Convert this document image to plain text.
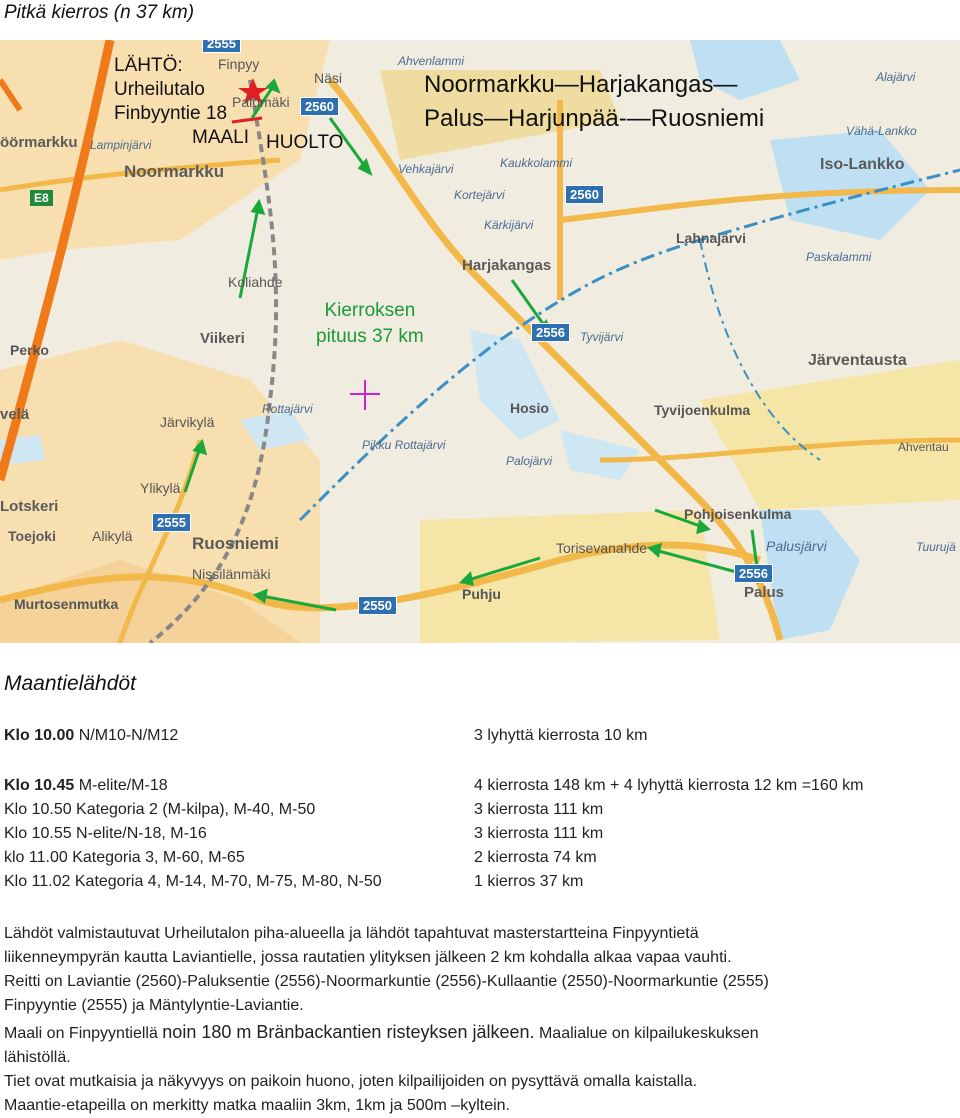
Pitkä kierros (n 37 km)
2555
2560
2560
2556
2556
2555
2550
E8
Noormarkku
Harjakangas
Viikeri
Ruosniemi
Palus
Pohjoisenkulma
Järventausta
Toejoki
Murtosenmutka
Lotskeri
Perko
Hosio	Tyvijoenkulma
Iso-Lankko
Lahnajärvi
Puhju
Torisevanahde
Koliahde
Järvikylä
Ylikylä
Alikylä
Nissilänmäki
Finpyy
Näsi
Palomäki
öörmarkku
velä
Palusjärvi	Tuurujä
Ahventau
Alajärvi
Vehkajärvi
Kortejärvi
Kärkijärvi
Kaukkolammi
Tyvijärvi
Rottajärvi
Pikku Rottajärvi
Palojärvi
Paskalammi
Vähä-Lankko
Lampinjärvi
Ahvenlammi
LÄHTÖ:
Urheilutalo
Finbyyntie 18
MAALI HUOLTO
Noormarkku—Harjakangas—
Palus—Harjunpää-—Ruosniemi
Kierroksen
pituus 37 km
Maantielähdöt
Klo 10.00 N/M10-N/M12	3 lyhyttä kierrosta 10 km
Klo 10.45 M-elite/M-18	4 kierrosta 148 km + 4 lyhyttä kierrosta 12 km =160 km
Klo 10.50 Kategoria 2 (M-kilpa), M-40, M-50	3 kierrosta 111 km
Klo 10.55 N-elite/N-18, M-16	3 kierrosta 111 km
klo 11.00 Kategoria 3, M-60, M-65	2 kierrosta 74 km
Klo 11.02 Kategoria 4, M-14, M-70, M-75, M-80, N-50	1 kierros 37 km
Lähdöt valmistautuvat Urheilutalon piha-alueella ja lähdöt tapahtuvat masterstartteina Finpyyntietä
liikenneympyrän kautta Laviantielle, jossa rautatien ylityksen jälkeen 2 km kohdalla alkaa vapaa vauhti.
Reitti on Laviantie (2560)-Paluksentie (2556)-Noormarkuntie (2556)-Kullaantie (2550)-Noormarkuntie (2555)
Finpyyntie (2555) ja Mäntylyntie-Laviantie.
Maali on Finpyyntiellä noin 180 m Bränbackantien risteyksen jälkeen. Maalialue on kilpailukeskuksen
lähistöllä.
Tiet ovat mutkaisia ja näkyvyys on paikoin huono, joten kilpailijoiden on pysyttävä omalla kaistalla.
Maantie-etapeilla on merkitty matka maaliin 3km, 1km ja 500m –kyltein.
